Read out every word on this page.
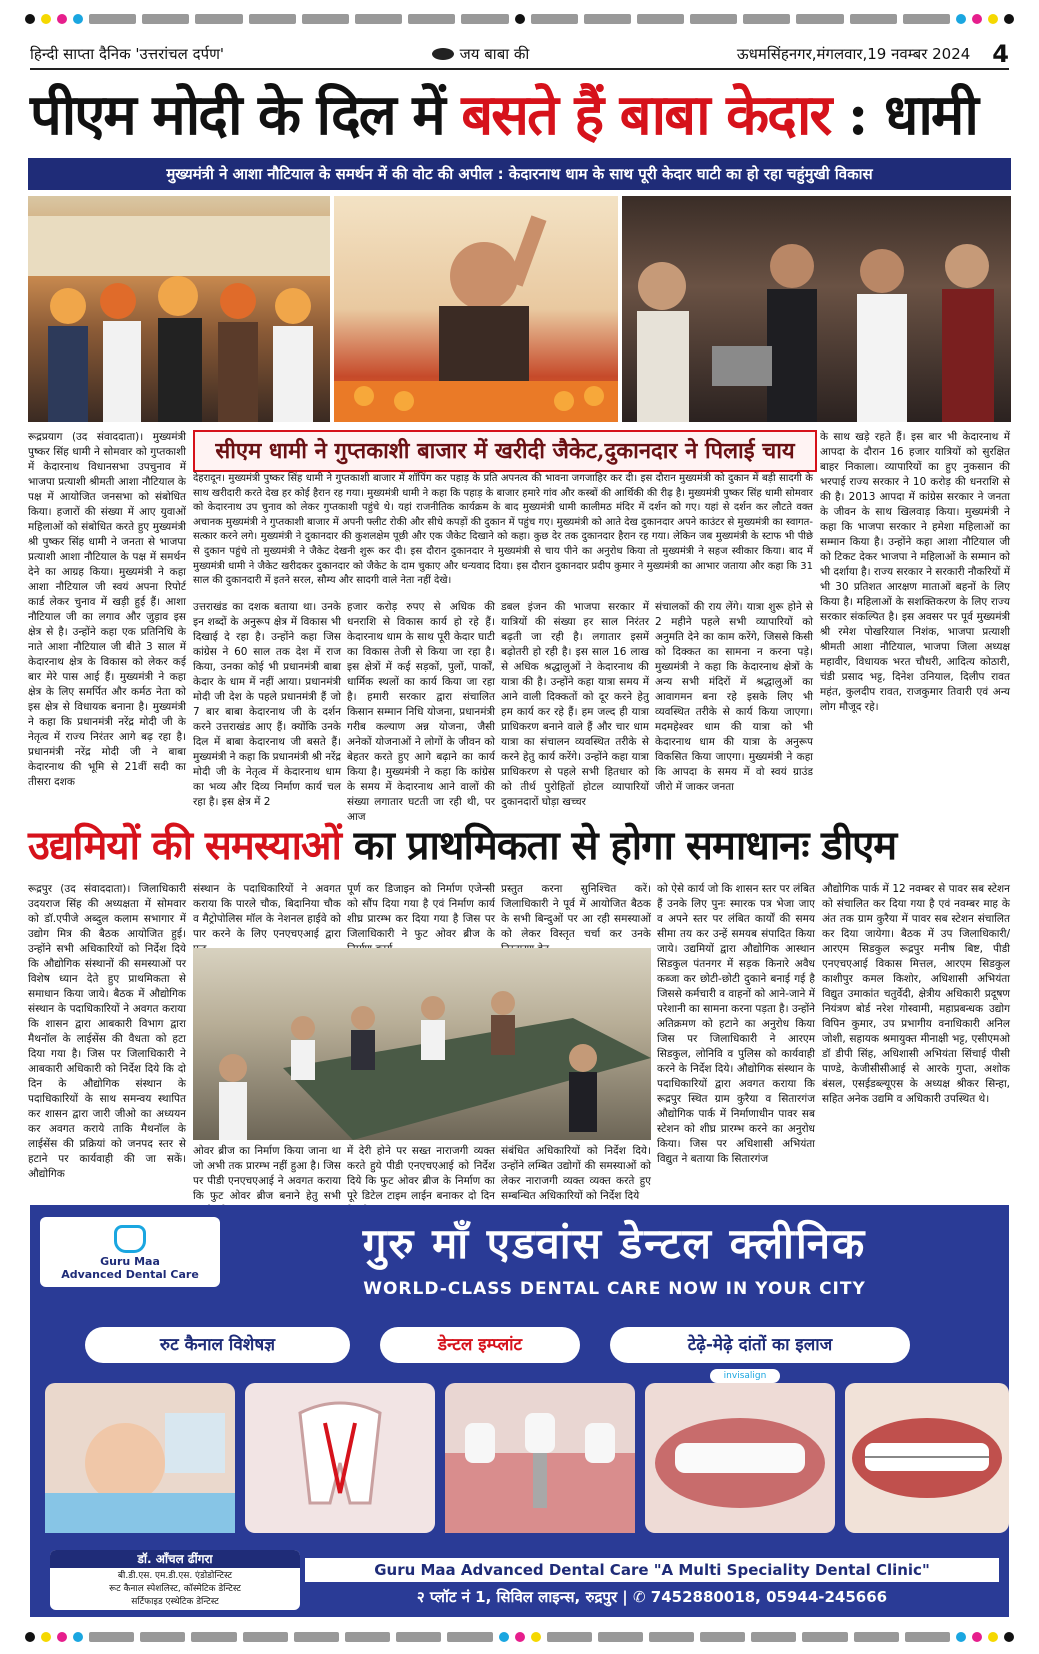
हिन्दी साप्ता दैनिक 'उत्तरांचल दर्पण'	जय बाबा की	ऊधमसिंहनगर,मंगलवार,19 नवम्बर 2024 4
पीएम मोदी के दिल में बसते हैं बाबा केदार : धामी
मुख्यमंत्री ने आशा नौटियाल के समर्थन में की वोट की अपील : केदारनाथ धाम के साथ पूरी केदार घाटी का हो रहा चहुंमुखी विकास
रूद्रप्रयाग (उद संवाददाता)। मुख्यमंत्री पुष्कर सिंह धामी ने सोमवार को गुप्तकाशी में केदारनाथ विधानसभा उपचुनाव में भाजपा प्रत्याशी श्रीमती आशा नौटियाल के पक्ष में आयोजित जनसभा को संबोधित किया। हजारों की संख्या में आए युवाओं महिलाओं को संबोधित करते हुए मुख्यमंत्री श्री पुष्कर सिंह धामी ने जनता से भाजपा प्रत्याशी आशा नौटियाल के पक्ष में समर्थन देने का आग्रह किया। मुख्यमंत्री ने कहा आशा नौटियाल जी स्वयं अपना रिपोर्ट कार्ड लेकर चुनाव में खड़ी हुई हैं। आशा नौटियाल जी का लगाव और जुड़ाव इस क्षेत्र से है। उन्होंने कहा एक प्रतिनिधि के नाते आशा नौटियाल जी बीते 3 साल में केदारनाथ क्षेत्र के विकास को लेकर कई बार मेरे पास आई हैं। मुख्यमंत्री ने कहा क्षेत्र के लिए समर्पित और कर्मठ नेता को इस क्षेत्र से विधायक बनाना है। मुख्यमंत्री ने कहा कि प्रधानमंत्री नरेंद्र मोदी जी के नेतृत्व में राज्य निरंतर आगे बढ़ रहा है। प्रधानमंत्री नरेंद्र मोदी जी ने बाबा केदारनाथ की भूमि से 21वीं सदी का तीसरा दशक
सीएम धामी ने गुप्तकाशी बाजार में खरीदी जैकेट,दुकानदार ने पिलाई चाय
देहरादून। मुख्यमंत्री पुष्कर सिंह धामी ने गुप्तकाशी बाजार में शॉपिंग कर पहाड़ के प्रति अपनत्व की भावना जगजाहिर कर दी। इस दौरान मुख्यमंत्री को दुकान में बड़ी सादगी के साथ खरीदारी करते देख हर कोई हैरान रह गया। मुख्यमंत्री धामी ने कहा कि पहाड़ के बाजार हमारे गांव और कस्बों की आर्थिकी की रीढ़ है। मुख्यमंत्री पुष्कर सिंह धामी सोमवार को केदारनाथ उप चुनाव को लेकर गुप्तकाशी पहुंचे थे। यहां राजनीतिक कार्यक्रम के बाद मुख्यमंत्री धामी कालीमठ मंदिर में दर्शन को गए। यहां से दर्शन कर लौटते वक्त अचानक मुख्यमंत्री ने गुप्तकाशी बाजार में अपनी फ्लीट रोकी और सीधे कपड़ों की दुकान में पहुंच गए। मुख्यमंत्री को आते देख दुकानदार अपने काउंटर से मुख्यमंत्री का स्वागत-सत्कार करने लगे। मुख्यमंत्री ने दुकानदार की कुशलक्षेम पूछी और एक जैकेट दिखाने को कहा। कुछ देर तक दुकानदार हैरान रह गया। लेकिन जब मुख्यमंत्री के स्टाफ भी पीछे से दुकान पहुंचे तो मुख्यमंत्री ने जैकेट देखनी शुरू कर दी। इस दौरान दुकानदार ने मुख्यमंत्री से चाय पीने का अनुरोध किया तो मुख्यमंत्री ने सहज स्वीकार किया। बाद में मुख्यमंत्री धामी ने जैकेट खरीदकर दुकानदार को जैकेट के दाम चुकाए और धन्यवाद दिया। इस दौरान दुकानदार प्रदीप कुमार ने मुख्यमंत्री का आभार जताया और कहा कि 31 साल की दुकानदारी में इतने सरल, सौम्य और सादगी वाले नेता नहीं देखे।
उत्तराखंड का दशक बताया था। उनके इन शब्दों के अनुरूप क्षेत्र में विकास भी दिखाई दे रहा है। उन्होंने कहा जिस कांग्रेस ने 60 साल तक देश में राज किया, उनका कोई भी प्रधानमंत्री बाबा केदार के धाम में नहीं आया। प्रधानमंत्री मोदी जी देश के पहले प्रधानमंत्री हैं जो 7 बार बाबा केदारनाथ जी के दर्शन करने उत्तराखंड आए हैं। क्योंकि उनके दिल में बाबा केदारनाथ जी बसते हैं। मुख्यमंत्री ने कहा कि प्रधानमंत्री श्री नरेंद्र मोदी जी के नेतृत्व में केदारनाथ धाम का भव्य और दिव्य निर्माण कार्य चल रहा है। इस क्षेत्र में 2
हजार करोड़ रुपए से अधिक की धनराशि से विकास कार्य हो रहे हैं। केदारनाथ धाम के साथ पूरी केदार घाटी का विकास तेजी से किया जा रहा है। इस क्षेत्रों में कई सड़कों, पुलों, पार्कों, धार्मिक स्थलों का कार्य किया जा रहा है। हमारी सरकार द्वारा संचालित किसान सम्मान निधि योजना, प्रधानमंत्री गरीब कल्याण अन्न योजना, जैसी अनेकों योजनाओं ने लोगों के जीवन को बेहतर करते हुए आगे बढ़ाने का कार्य किया है। मुख्यमंत्री ने कहा कि कांग्रेस के समय में केदारनाथ आने वालों की संख्या लगातार घटती जा रही थी, पर आज
डबल इंजन की भाजपा सरकार में यात्रियों की संख्या हर साल निरंतर बढ़ती जा रही है। लगातार इसमें बढ़ोतरी हो रही है। इस साल 16 लाख से अधिक श्रद्धालुओं ने केदारनाथ की यात्रा की है। उन्होंने कहा यात्रा समय में आने वाली दिक्कतों को दूर करने हेतु हम कार्य कर रहे हैं। हम जल्द ही यात्रा प्राधिकरण बनाने वाले हैं और चार धाम यात्रा का संचालन व्यवस्थित तरीके से करने हेतु कार्य करेंगे। उन्होंने कहा यात्रा प्राधिकरण से पहले सभी हितधार को को तीर्थ पुरोहितों होटल व्यापारियों दुकानदारों घोड़ा खच्चर
संचालकों की राय लेंगे। यात्रा शुरू होने से 2 महीने पहले सभी व्यापारियों को अनुमति देने का काम करेंगे, जिससे किसी को दिक्कत का सामना न करना पड़े। मुख्यमंत्री ने कहा कि केदारनाथ क्षेत्रों के अन्य सभी मंदिरों में श्रद्धालुओं का आवागमन बना रहे इसके लिए भी व्यवस्थित तरीके से कार्य किया जाएगा। मदमहेश्वर धाम की यात्रा को भी केदारनाथ धाम की यात्रा के अनुरूप विकसित किया जाएगा। मुख्यमंत्री ने कहा कि आपदा के समय में वो स्वयं ग्राउंड जीरो में जाकर जनता
के साथ खड़े रहते हैं। इस बार भी केदारनाथ में आपदा के दौरान 16 हजार यात्रियों को सुरक्षित बाहर निकाला। व्यापारियों का हुए नुकसान की भरपाई राज्य सरकार ने 10 करोड़ की धनराशि से की है। 2013 आपदा में कांग्रेस सरकार ने जनता के जीवन के साथ खिलवाड़ किया। मुख्यमंत्री ने कहा कि भाजपा सरकार ने हमेशा महिलाओं का सम्मान किया है। उन्होंने कहा आशा नौटियाल जी को टिकट देकर भाजपा ने महिलाओं के सम्मान को भी दर्शाया है। राज्य सरकार ने सरकारी नौकरियों में भी 30 प्रतिशत आरक्षण माताओं बहनों के लिए किया है। महिलाओं के सशक्तिकरण के लिए राज्य सरकार संकल्पित है। इस अवसर पर पूर्व मुख्यमंत्री श्री रमेश पोखरियाल निशंक, भाजपा प्रत्याशी श्रीमती आशा नौटियाल, भाजपा जिला अध्यक्ष महावीर, विधायक भरत चौधरी, आदित्य कोठारी, चंडी प्रसाद भट्ट, दिनेश उनियाल, दिलीप रावत महंत, कुलदीप रावत, राजकुमार तिवारी एवं अन्य लोग मौजूद रहे।
उद्यमियों की समस्याओं का प्राथमिकता से होगा समाधानः डीएम
रूद्रपुर (उद संवाददाता)। जिलाधिकारी उदयराज सिंह की अध्यक्षता में सोमवार को डॉ.एपीजे अब्दुल कलाम सभागार में उद्योग मित्र की बैठक आयोजित हुई। उन्होंने सभी अधिकारियों को निर्देश दिये कि औद्योगिक संस्थानों की समस्याओं पर विशेष ध्यान देते हुए प्राथमिकता से समाधान किया जाये। बैठक में औद्योगिक संस्थान के पदाधिकारियों ने अवगत कराया कि शासन द्वारा आबकारी विभाग द्वारा मैथनॉल के लाईसेंस की वैधता को हटा दिया गया है। जिस पर जिलाधिकारी ने आबकारी अधिकारी को निर्देश दिये कि दो दिन के औद्योगिक संस्थान के पदाधिकारियों के साथ समन्वय स्थापित कर शासन द्वारा जारी जीओ का अध्ययन कर अवगत कराये ताकि मैथनॉल के लाईसेंस की प्रक्रियां को जनपद स्तर से हटाने पर कार्यवाही की जा सकें। औद्योगिक
संस्थान के पदाधिकारियों ने अवगत कराया कि पारले चौक, बिदानिया चौक व मैट्रोपोलिस मॉल के नेशनल हाईवे को पार करने के लिए एनएचएआई द्वारा
पूर्ण कर डिजाइन को निर्माण एजेन्सी को सौंप दिया गया है एवं निर्माण कार्य शीघ्र प्रारम्भ कर दिया गया है जिस पर जिलाधिकारी ने फुट ओवर ब्रीज के
प्रस्तुत करना सुनिश्चित करें। जिलाधिकारी ने पूर्व में आयोजित बैठक के सभी बिन्दुओं पर आ रही समस्याओं को लेकर विस्तृत चर्चा कर उनके
ओवर ब्रीज का निर्माण किया जाना था जो अभी तक प्रारम्भ नहीं हुआ है। जिस पर पीडी एनएचएआई ने अवगत कराया कि फुट ओवर ब्रीज बनाने हेतु सभी
में देरी होने पर सख्त नाराजगी व्यक्त करते हुये पीडी एनएचएआई को निर्देश दिये कि फुट ओवर ब्रीज के निर्माण का पूरे डिटेल टाइम लाईन बनाकर दो दिन
संबंधित अधिकारियों को निर्देश दिये। उन्होंने लम्बित उद्योगों की समस्याओं को लेकर नाराजगी व्यक्त व्यक्त करते हुए सम्बन्धित अधिकारियों को निर्देश दिये
को ऐसे कार्य जो कि शासन स्तर पर लंबित हैं उनके लिए पुनः स्मारक पत्र भेजा जाए व अपने स्तर पर लंबित कार्यों की समय सीमा तय कर उन्हें समयब संपादित किया जाये। उद्यमियों द्वारा औद्योगिक आस्थान सिडकुल पंतनगर में सड़क किनारे अवैध कब्जा कर छोटी-छोटी दुकाने बनाई गई है जिससे कर्मचारी व वाहनों को आने-जाने में परेशानी का सामना करना पड़ता है। उन्होंने अतिक्रमण को हटाने का अनुरोध किया जिस पर जिलाधिकारी ने आरएम सिडकुल, लोनिवि व पुलिस को कार्यवाही करने के निर्देश दिये। औद्योगिक संस्थान के पदाधिकारियों द्वारा अवगत कराया कि रूद्रपुर स्थित ग्राम कुरैया व सितारगंज औद्योगिक पार्क में निर्माणाधीन पावर सब स्टेशन को शीघ्र प्रारम्भ करने का अनुरोध किया। जिस पर अधिशासी अभियंता विद्युत ने बताया कि सितारगंज
औद्योगिक पार्क में 12 नवम्बर से पावर सब स्टेशन को संचालित कर दिया गया है एवं नवम्बर माह के अंत तक ग्राम कुरैया में पावर सब स्टेशन संचालित कर दिया जायेगा। बैठक में उप जिलाधिकारी/आरएम सिडकुल रूद्रपुर मनीष बिष्ट, पीडी एनएचएआई विकास मित्तल, आरएम सिडकुल काशीपुर कमल किशोर, अधिशासी अभियंता विद्युत उमाकांत चतुर्वेदी, क्षेत्रीय अधिकारी प्रदूषण नियंत्रण बोर्ड नरेश गोस्वामी, महाप्रबन्धक उद्योग विपिन कुमार, उप प्रभागीय वनाधिकारी अनिल जोशी, सहायक श्रमायुक्त मीनाक्षी भट्ट, एसीएमओ डॉ डीपी सिंह, अधिशासी अभियंता सिंचाई पीसी पाण्डे, केजीसीसीआई से आरके गुप्ता, अशोक बंसल, एसईडब्ल्यूएस के अध्यक्ष श्रीकर सिन्हा, सहित अनेक उद्यमि व अधिकारी उपस्थित थे।
Guru Maa
Advanced Dental Care
गुरु माँ एडवांस डेन्टल क्लीनिक
WORLD-CLASS DENTAL CARE NOW IN YOUR CITY
रुट कैनाल विशेषज्ञ	डेन्टल इम्प्लांट	टेढ़े-मेढ़े दांतों का इलाज
invisalign
डॉ. आँचल ढींगरा
बी.डी.एस. एम.डी.एस. एंडोडोन्टिस्ट
रूट कैनाल स्पेशलिस्ट, कॉस्मेटिक डेन्टिस्ट
सर्टिफाइड एस्थेटिक डेन्टिस्ट
Guru Maa Advanced Dental Care "A Multi Speciality Dental Clinic"
२ प्लॉट नं 1, सिविल लाइन्स, रुद्रपुर | ✆ 7452880018, 05944-245666
